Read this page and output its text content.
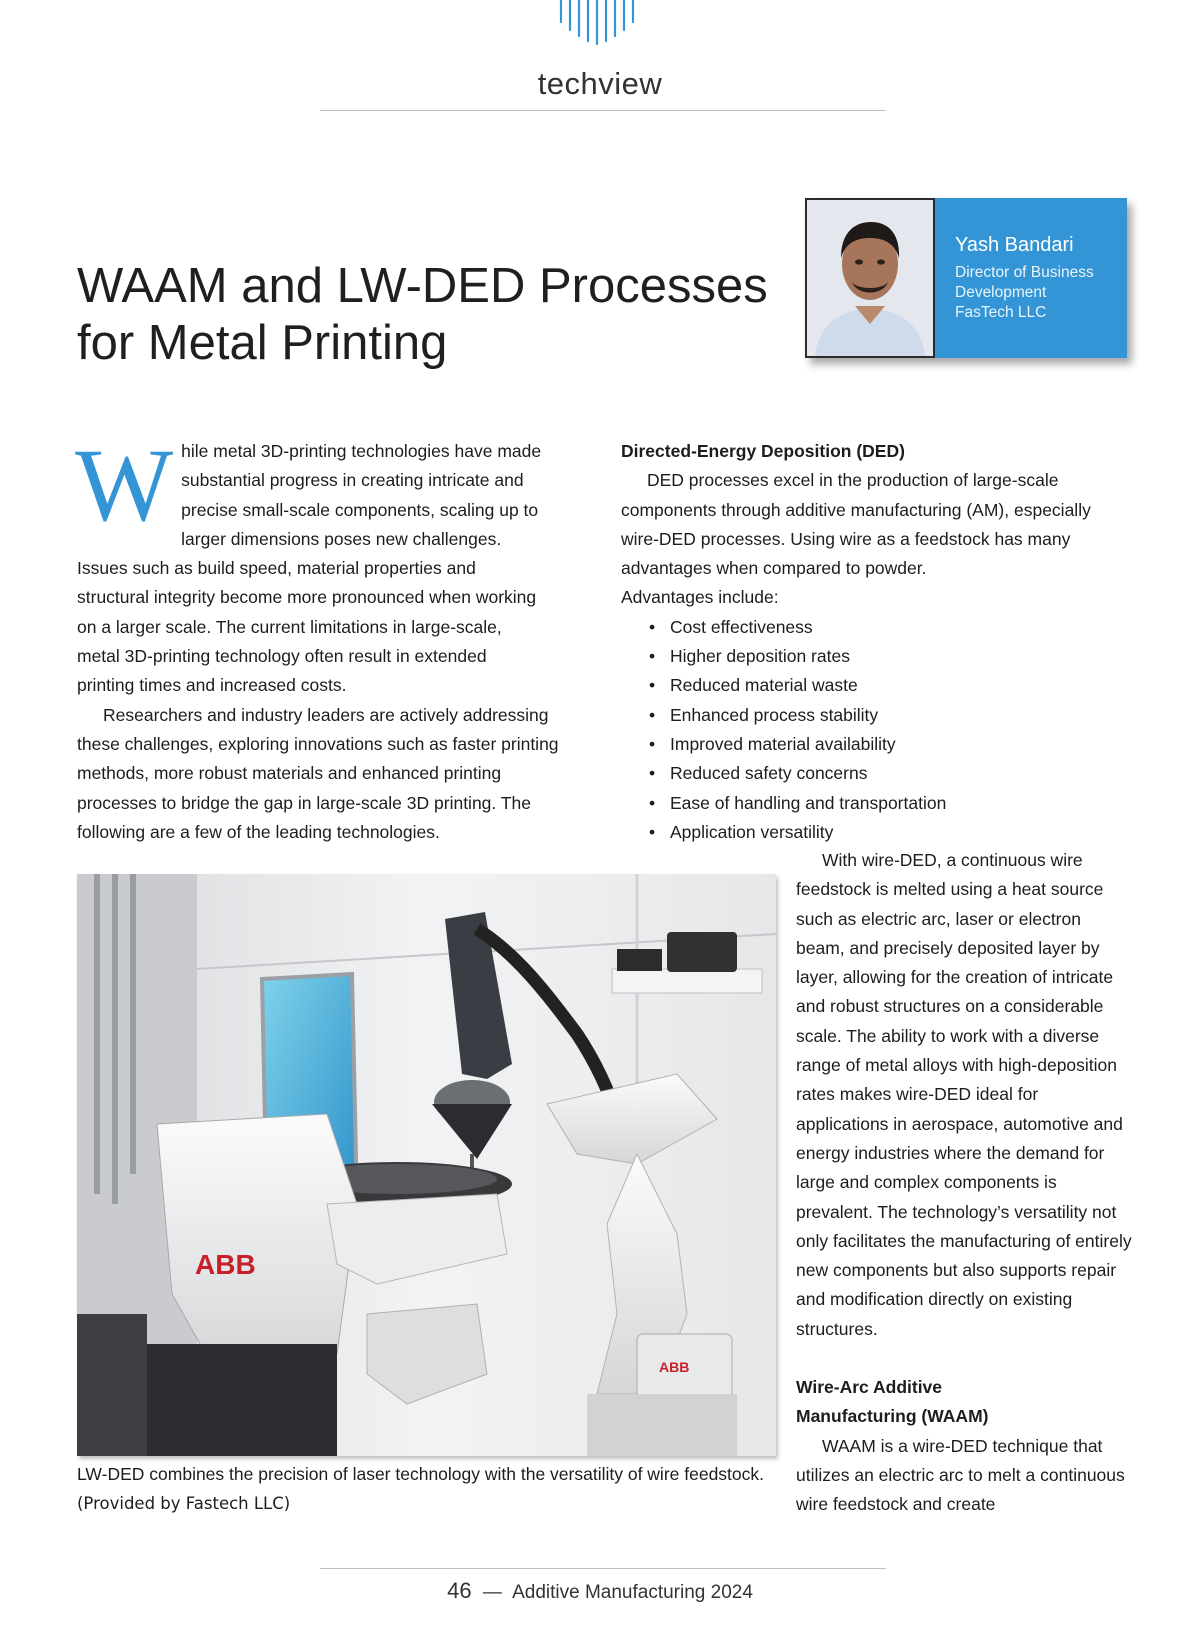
techview
WAAM and LW-DED Processes
for Metal Printing
Yash Bandari
Director of Business
Development
FasTech LLC
W hile metal 3D-printing technologies have made substantial progress in creating intricate and precise small-scale components, scaling up to larger dimensions poses new challenges. Issues such as build speed, material properties and structural integrity become more pronounced when working on a larger scale. The current limitations in large-scale, metal 3D-printing technology often result in extended printing times and increased costs.

Researchers and industry leaders are actively addressing these challenges, exploring innovations such as faster printing methods, more robust materials and enhanced printing processes to bridge the gap in large-scale 3D printing. The following are a few of the leading technologies.

Directed-Energy Deposition (DED)

DED processes excel in the production of large-scale components through additive manufacturing (AM), especially wire-DED processes. Using wire as a feedstock has many advantages when compared to powder.

Advantages include:

• Cost effectiveness
• Higher deposition rates
• Reduced material waste
• Enhanced process stability
• Improved material availability
• Reduced safety concerns
• Ease of handling and transportation
• Application versatility

With wire-DED, a continuous wire feedstock is melted using a heat source such as electric arc, laser or electron beam, and precisely deposited layer by layer, allowing for the creation of intricate and robust structures on a considerable scale. The ability to work with a diverse range of metal alloys with high-deposition rates makes wire-DED ideal for applications in aerospace, automotive and energy industries where the demand for large and complex components is prevalent. The technology’s versatility not only facilitates the manufacturing of entirely new components but also supports repair and modification directly on existing structures.

Wire-Arc Additive

Manufacturing (WAAM)

WAAM is a wire-DED technique that utilizes an electric arc to melt a continuous wire feedstock and create

ABB
ABB
LW-DED combines the precision of laser technology with the versatility of wire feedstock. (Provided by Fastech LLC)
46 — Additive Manufacturing 2024
